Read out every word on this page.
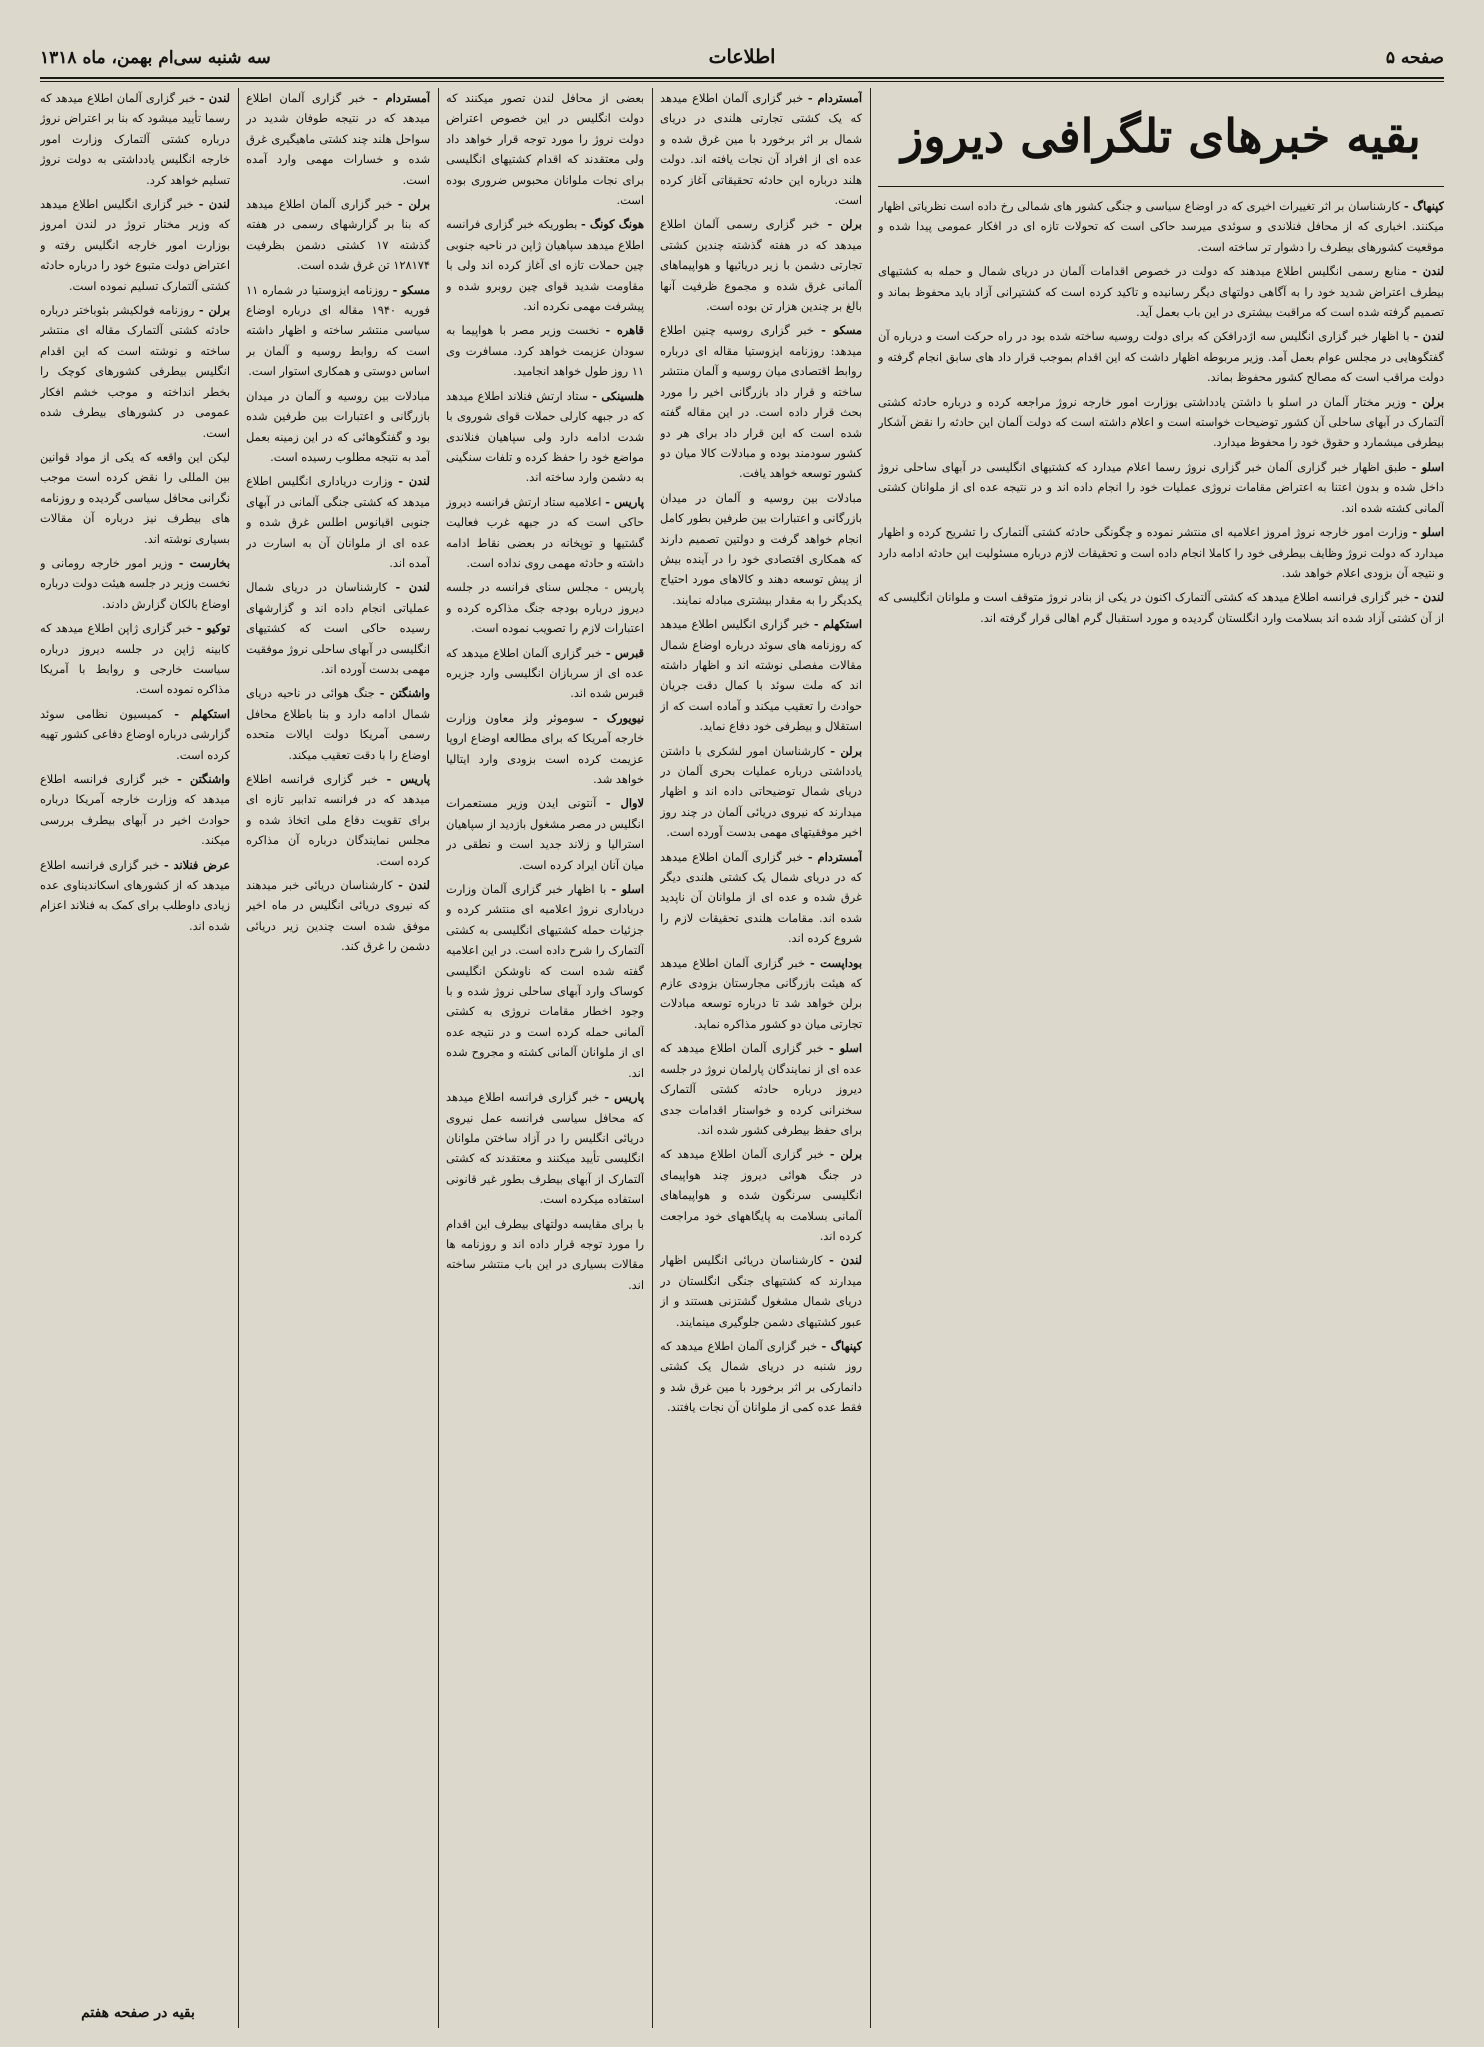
صفحه ۵
اطلاعات
سه شنبه سی‌ام بهمن، ماه ۱۳۱۸
بقیه خبرهای تلگرافی دیروز

کپنهاگ - کارشناسان بر اثر تغییرات اخیری که در اوضاع سیاسی و جنگی کشور های شمالی رخ داده است نظریاتی اظهار میکنند. اخباری که از محافل فنلاندی و سوئدی میرسد حاکی است که تحولات تازه ای در افکار عمومی پیدا شده و موقعیت کشورهای بیطرف را دشوار تر ساخته است.

لندن - منابع رسمی انگلیس اطلاع میدهند که دولت در خصوص اقدامات آلمان در دریای شمال و حمله به کشتیهای بیطرف اعتراض شدید خود را به آگاهی دولتهای دیگر رسانیده و تاکید کرده است که کشتیرانی آزاد باید محفوظ بماند و تصمیم گرفته شده است که مراقبت بیشتری در این باب بعمل آید.

لندن - با اظهار خبر گزاری انگلیس سه اژدرافکن که برای دولت روسیه ساخته شده بود در راه حرکت است و درباره آن گفتگوهایی در مجلس عوام بعمل آمد. وزیر مربوطه اظهار داشت که این اقدام بموجب قرار داد های سابق انجام گرفته و دولت مراقب است که مصالح کشور محفوظ بماند.

برلن - وزیر مختار آلمان در اسلو با داشتن یادداشتی بوزارت امور خارجه نروژ مراجعه کرده و درباره حادثه کشتی آلتمارک در آبهای ساحلی آن کشور توضیحات خواسته است و اعلام داشته است که دولت آلمان این حادثه را نقض آشکار بیطرفی میشمارد و حقوق خود را محفوظ میدارد.

اسلو - طبق اظهار خبر گزاری آلمان خبر گزاری نروژ رسما اعلام میدارد که کشتیهای انگلیسی در آبهای ساحلی نروژ داخل شده و بدون اعتنا به اعتراض مقامات نروژی عملیات خود را انجام داده اند و در نتیجه عده ای از ملوانان کشتی آلمانی کشته شده اند.

اسلو - وزارت امور خارجه نروژ امروز اعلامیه ای منتشر نموده و چگونگی حادثه کشتی آلتمارک را تشریح کرده و اظهار میدارد که دولت نروژ وظایف بیطرفی خود را کاملا انجام داده است و تحقیقات لازم درباره مسئولیت این حادثه ادامه دارد و نتیجه آن بزودی اعلام خواهد شد.

لندن - خبر گزاری فرانسه اطلاع میدهد که کشتی آلتمارک اکنون در یکی از بنادر نروژ متوقف است و ملوانان انگلیسی که از آن کشتی آزاد شده اند بسلامت وارد انگلستان گردیده و مورد استقبال گرم اهالی قرار گرفته اند.

آمستردام - خبر گزاری آلمان اطلاع میدهد که یک کشتی تجارتی هلندی در دریای شمال بر اثر برخورد با مین غرق شده و عده ای از افراد آن نجات یافته اند. دولت هلند درباره این حادثه تحقیقاتی آغاز کرده است.

برلن - خبر گزاری رسمی آلمان اطلاع میدهد که در هفته گذشته چندین کشتی تجارتی دشمن با زیر دریائیها و هواپیماهای آلمانی غرق شده و مجموع ظرفیت آنها بالغ بر چندین هزار تن بوده است.

مسکو - خبر گزاری روسیه چنین اطلاع میدهد: روزنامه ایزوستیا مقاله ای درباره روابط اقتصادی میان روسیه و آلمان منتشر ساخته و قرار داد بازرگانی اخیر را مورد بحث قرار داده است. در این مقاله گفته شده است که این قرار داد برای هر دو کشور سودمند بوده و مبادلات کالا میان دو کشور توسعه خواهد یافت.

مبادلات بین روسیه و آلمان در میدان بازرگانی و اعتبارات بین طرفین بطور کامل انجام خواهد گرفت و دولتین تصمیم دارند که همکاری اقتصادی خود را در آینده بیش از پیش توسعه دهند و کالاهای مورد احتیاج یکدیگر را به مقدار بیشتری مبادله نمایند.

استکهلم - خبر گزاری انگلیس اطلاع میدهد که روزنامه های سوئد درباره اوضاع شمال مقالات مفصلی نوشته اند و اظهار داشته اند که ملت سوئد با کمال دقت جریان حوادث را تعقیب میکند و آماده است که از استقلال و بیطرفی خود دفاع نماید.

برلن - کارشناسان امور لشکری با داشتن یادداشتی درباره عملیات بحری آلمان در دریای شمال توضیحاتی داده اند و اظهار میدارند که نیروی دریائی آلمان در چند روز اخیر موفقیتهای مهمی بدست آورده است.

آمستردام - خبر گزاری آلمان اطلاع میدهد که در دریای شمال یک کشتی هلندی دیگر غرق شده و عده ای از ملوانان آن ناپدید شده اند. مقامات هلندی تحقیقات لازم را شروع کرده اند.

بوداپست - خبر گزاری آلمان اطلاع میدهد که هیئت بازرگانی مجارستان بزودی عازم برلن خواهد شد تا درباره توسعه مبادلات تجارتی میان دو کشور مذاکره نماید.

اسلو - خبر گزاری آلمان اطلاع میدهد که عده ای از نمایندگان پارلمان نروژ در جلسه دیروز درباره حادثه کشتی آلتمارک سخنرانی کرده و خواستار اقدامات جدی برای حفظ بیطرفی کشور شده اند.

برلن - خبر گزاری آلمان اطلاع میدهد که در جنگ هوائی دیروز چند هواپیمای انگلیسی سرنگون شده و هواپیماهای آلمانی بسلامت به پایگاههای خود مراجعت کرده اند.

لندن - کارشناسان دریائی انگلیس اظهار میدارند که کشتیهای جنگی انگلستان در دریای شمال مشغول گشتزنی هستند و از عبور کشتیهای دشمن جلوگیری مینمایند.

کپنهاگ - خبر گزاری آلمان اطلاع میدهد که روز شنبه در دریای شمال یک کشتی دانمارکی بر اثر برخورد با مین غرق شد و فقط عده کمی از ملوانان آن نجات یافتند.

بعضی از محافل لندن تصور میکنند که دولت انگلیس در این خصوص اعتراض دولت نروژ را مورد توجه قرار خواهد داد ولی معتقدند که اقدام کشتیهای انگلیسی برای نجات ملوانان محبوس ضروری بوده است.

هونگ کونگ - بطوریکه خبر گزاری فرانسه اطلاع میدهد سپاهیان ژاپن در ناحیه جنوبی چین حملات تازه ای آغاز کرده اند ولی با مقاومت شدید قوای چین روبرو شده و پیشرفت مهمی نکرده اند.

قاهره - نخست وزیر مصر با هواپیما به سودان عزیمت خواهد کرد. مسافرت وی ۱۱ روز طول خواهد انجامید.

هلسینکی - ستاد ارتش فنلاند اطلاع میدهد که در جبهه کارلی حملات قوای شوروی با شدت ادامه دارد ولی سپاهیان فنلاندی مواضع خود را حفظ کرده و تلفات سنگینی به دشمن وارد ساخته اند.

پاریس - اعلامیه ستاد ارتش فرانسه دیروز حاکی است که در جبهه غرب فعالیت گشتیها و توپخانه در بعضی نقاط ادامه داشته و حادثه مهمی روی نداده است.

پاریس - مجلس سنای فرانسه در جلسه دیروز درباره بودجه جنگ مذاکره کرده و اعتبارات لازم را تصویب نموده است.

قبرس - خبر گزاری آلمان اطلاع میدهد که عده ای از سربازان انگلیسی وارد جزیره قبرس شده اند.

نیویورک - سوموئر ولز معاون وزارت خارجه آمریکا که برای مطالعه اوضاع اروپا عزیمت کرده است بزودی وارد ایتالیا خواهد شد.

لاوال - آنتونی ایدن وزیر مستعمرات انگلیس در مصر مشغول بازدید از سپاهیان استرالیا و زلاند جدید است و نطقی در میان آنان ایراد کرده است.

اسلو - با اظهار خبر گزاری آلمان وزارت دریاداری نروژ اعلامیه ای منتشر کرده و جزئیات حمله کشتیهای انگلیسی به کشتی آلتمارک را شرح داده است. در این اعلامیه گفته شده است که ناوشکن انگلیسی کوساک وارد آبهای ساحلی نروژ شده و با وجود اخطار مقامات نروژی به کشتی آلمانی حمله کرده است و در نتیجه عده ای از ملوانان آلمانی کشته و مجروح شده اند.

پاریس - خبر گزاری فرانسه اطلاع میدهد که محافل سیاسی فرانسه عمل نیروی دریائی انگلیس را در آزاد ساختن ملوانان انگلیسی تأیید میکنند و معتقدند که کشتی آلتمارک از آبهای بیطرف بطور غیر قانونی استفاده میکرده است.

با برای مقایسه دولتهای بیطرف این اقدام را مورد توجه قرار داده اند و روزنامه ها مقالات بسیاری در این باب منتشر ساخته اند.

آمستردام - خبر گزاری آلمان اطلاع میدهد که در نتیجه طوفان شدید در سواحل هلند چند کشتی ماهیگیری غرق شده و خسارات مهمی وارد آمده است.

برلن - خبر گزاری آلمان اطلاع میدهد که بنا بر گزارشهای رسمی در هفته گذشته ۱۷ کشتی دشمن بظرفیت ۱۲۸۱۷۴ تن غرق شده است.

مسکو - روزنامه ایزوستیا در شماره ۱۱ فوریه ۱۹۴۰ مقاله ای درباره اوضاع سیاسی منتشر ساخته و اظهار داشته است که روابط روسیه و آلمان بر اساس دوستی و همکاری استوار است.

مبادلات بین روسیه و آلمان در میدان بازرگانی و اعتبارات بین طرفین شده بود و گفتگوهائی که در این زمینه بعمل آمد به نتیجه مطلوب رسیده است.

لندن - وزارت دریاداری انگلیس اطلاع میدهد که کشتی جنگی آلمانی در آبهای جنوبی اقیانوس اطلس غرق شده و عده ای از ملوانان آن به اسارت در آمده اند.

لندن - کارشناسان در دریای شمال عملیاتی انجام داده اند و گزارشهای رسیده حاکی است که کشتیهای انگلیسی در آبهای ساحلی نروژ موفقیت مهمی بدست آورده اند.

واشنگتن - جنگ هوائی در ناحیه دریای شمال ادامه دارد و بنا باطلاع محافل رسمی آمریکا دولت ایالات متحده اوضاع را با دقت تعقیب میکند.

پاریس - خبر گزاری فرانسه اطلاع میدهد که در فرانسه تدابیر تازه ای برای تقویت دفاع ملی اتخاذ شده و مجلس نمایندگان درباره آن مذاکره کرده است.

لندن - کارشناسان دریائی خبر میدهند که نیروی دریائی انگلیس در ماه اخیر موفق شده است چندین زیر دریائی دشمن را غرق کند.

لندن - خبر گزاری آلمان اطلاع میدهد که رسما تأیید میشود که بنا بر اعتراض نروژ درباره کشتی آلتمارک وزارت امور خارجه انگلیس یادداشتی به دولت نروژ تسلیم خواهد کرد.

لندن - خبر گزاری انگلیس اطلاع میدهد که وزیر مختار نروژ در لندن امروز بوزارت امور خارجه انگلیس رفته و اعتراض دولت متبوع خود را درباره حادثه کشتی آلتمارک تسلیم نموده است.

برلن - روزنامه فولکیشر بئوباختر درباره حادثه کشتی آلتمارک مقاله ای منتشر ساخته و نوشته است که این اقدام انگلیس بیطرفی کشورهای کوچک را بخطر انداخته و موجب خشم افکار عمومی در کشورهای بیطرف شده است.

لیکن این واقعه که یکی از مواد قوانین بین المللی را نقض کرده است موجب نگرانی محافل سیاسی گردیده و روزنامه های بیطرف نیز درباره آن مقالات بسیاری نوشته اند.

بخارست - وزیر امور خارجه رومانی و نخست وزیر در جلسه هیئت دولت درباره اوضاع بالکان گزارش دادند.

توکیو - خبر گزاری ژاپن اطلاع میدهد که کابینه ژاپن در جلسه دیروز درباره سیاست خارجی و روابط با آمریکا مذاکره نموده است.

استکهلم - کمیسیون نظامی سوئد گزارشی درباره اوضاع دفاعی کشور تهیه کرده است.

واشنگتن - خبر گزاری فرانسه اطلاع میدهد که وزارت خارجه آمریکا درباره حوادث اخیر در آبهای بیطرف بررسی میکند.

عرض فنلاند - خبر گزاری فرانسه اطلاع میدهد که از کشورهای اسکاندیناوی عده زیادی داوطلب برای کمک به فنلاند اعزام شده اند.

بقیه در صفحه هفتم
